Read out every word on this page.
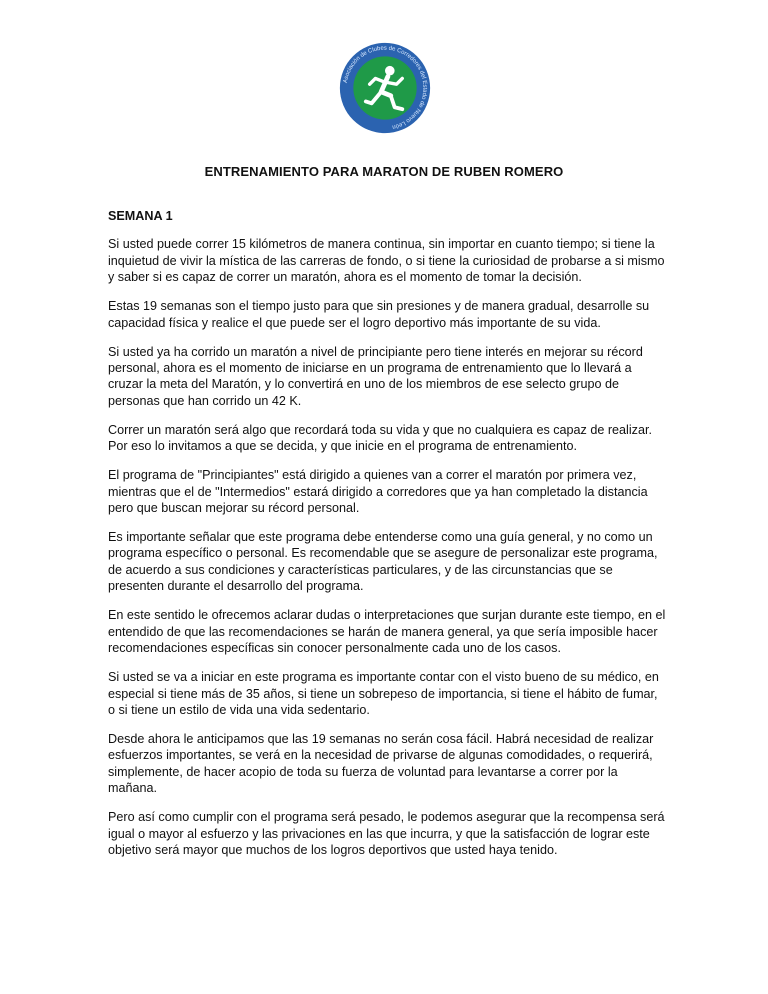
Asociación de Clubes de Corredores del Estado de Nuevo León
ENTRENAMIENTO PARA MARATON DE RUBEN ROMERO
SEMANA 1

Si usted puede correr 15 kilómetros de manera continua, sin importar en cuanto tiempo; si tiene la inquietud de vivir la mística de las carreras de fondo, o si tiene la curiosidad de probarse a si mismo y saber si es capaz de correr un maratón, ahora es el momento de tomar la decisión.

Estas 19 semanas son el tiempo justo para que sin presiones y de manera gradual, desarrolle su capacidad física y realice el que puede ser el logro deportivo más importante de su vida.

Si usted ya ha corrido un maratón a nivel de principiante pero tiene interés en mejorar su récord personal, ahora es el momento de iniciarse en un programa de entrenamiento que lo llevará a cruzar la meta del Maratón, y lo convertirá en uno de los miembros de ese selecto grupo de personas que han corrido un 42 K.

Correr un maratón será algo que recordará toda su vida y que no cualquiera es capaz de realizar. Por eso lo invitamos a que se decida, y que inicie en el programa de entrenamiento.

El programa de "Principiantes" está dirigido a quienes van a correr el maratón por primera vez, mientras que el de "Intermedios" estará dirigido a corredores que ya han completado la distancia pero que buscan mejorar su récord personal.

Es importante señalar que este programa debe entenderse como una guía general, y no como un programa específico o personal. Es recomendable que se asegure de personalizar este programa, de acuerdo a sus condiciones y características particulares, y de las circunstancias que se presenten durante el desarrollo del programa.

En este sentido le ofrecemos aclarar dudas o interpretaciones que surjan durante este tiempo, en el entendido de que las recomendaciones se harán de manera general, ya que sería imposible hacer recomendaciones específicas sin conocer personalmente cada uno de los casos.

Si usted se va a iniciar en este programa es importante contar con el visto bueno de su médico, en especial si tiene más de 35 años, si tiene un sobrepeso de importancia, si tiene el hábito de fumar, o si tiene un estilo de vida una vida sedentario.

Desde ahora le anticipamos que las 19 semanas no serán cosa fácil. Habrá necesidad de realizar esfuerzos importantes, se verá en la necesidad de privarse de algunas comodidades, o requerirá, simplemente, de hacer acopio de toda su fuerza de voluntad para levantarse a correr por la mañana.

Pero así como cumplir con el programa será pesado, le podemos asegurar que la recompensa será igual o mayor al esfuerzo y las privaciones en las que incurra, y que la satisfacción de lograr este objetivo será mayor que muchos de los logros deportivos que usted haya tenido.
